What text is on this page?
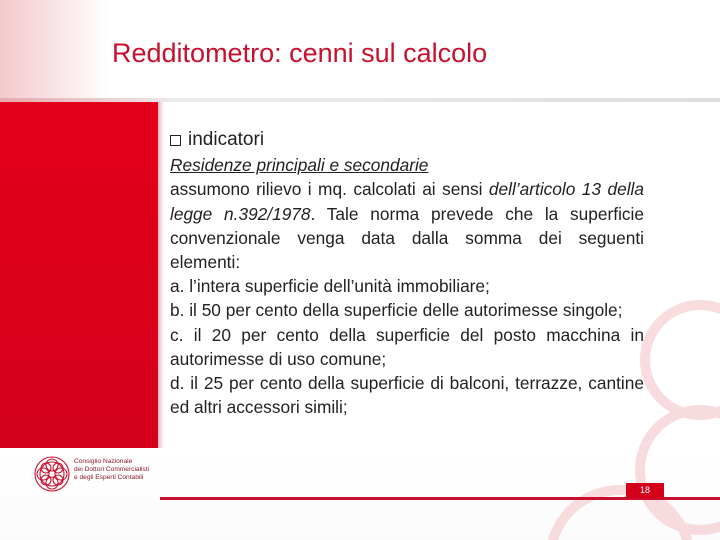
Redditometro: cenni sul calcolo
Consiglio Nazionale
dei Dottori Commercialisti
e degli Esperti Contabili
18
indicatori
Residenze principali e secondarie
assumono rilievo i mq. calcolati ai sensi dell’articolo 13 della legge n.392/1978. Tale norma prevede che la superficie convenzionale venga data dalla somma dei seguenti elementi:
a. l’intera superficie dell’unità immobiliare;
b. il 50 per cento della superficie delle autorimesse singole;
c. il 20 per cento della superficie del posto macchina in autorimesse di uso comune;
d. il 25 per cento della superficie di balconi, terrazze, cantine ed altri accessori simili;
